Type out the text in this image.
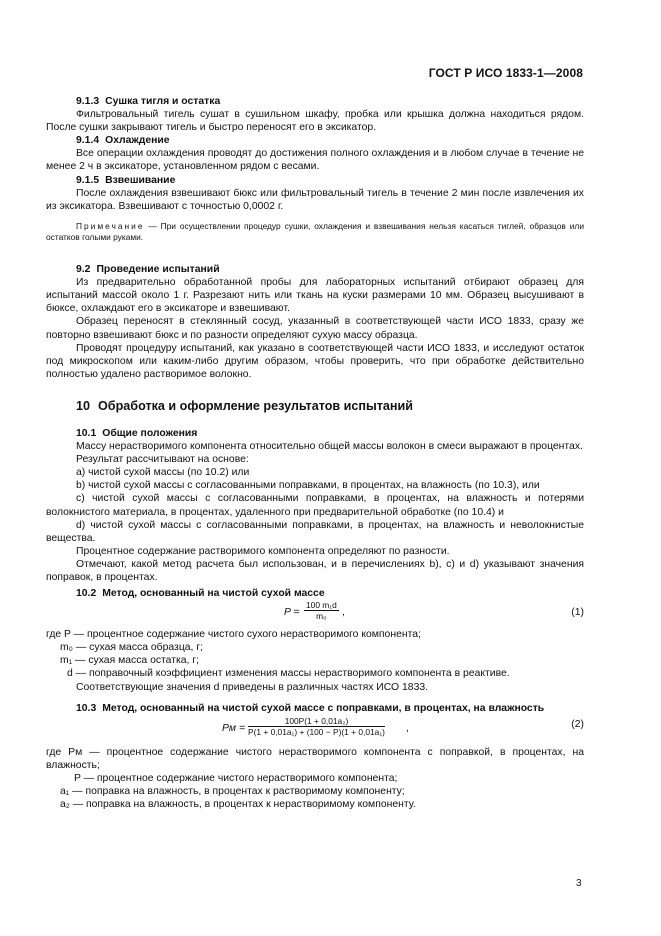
ГОСТ Р ИСО 1833-1—2008

9.1.3 Сушка тигля и остатка

Фильтровальный тигель сушат в сушильном шкафу, пробка или крышка должна находиться рядом. После сушки закрывают тигель и быстро переносят его в эксикатор.

9.1.4 Охлаждение

Все операции охлаждения проводят до достижения полного охлаждения и в любом случае в течение не менее 2 ч в эксикаторе, установленном рядом с весами.

9.1.5 Взвешивание

После охлаждения взвешивают бюкс или фильтровальный тигель в течение 2 мин после извлечения их из эксикатора. Взвешивают с точностью 0,0002 г.

Примечание — При осуществлении процедур сушки, охлаждения и взвешивания нельзя касаться тиглей, образцов или остатков голыми руками.

9.2 Проведение испытаний

Из предварительно обработанной пробы для лабораторных испытаний отбирают образец для испытаний массой около 1 г. Разрезают нить или ткань на куски размерами 10 мм. Образец высушивают в бюксе, охлаждают его в эксикаторе и взвешивают.

Образец переносят в стеклянный сосуд, указанный в соответствующей части ИСО 1833, сразу же повторно взвешивают бюкс и по разности определяют сухую массу образца.

Проводят процедуру испытаний, как указано в соответствующей части ИСО 1833, и исследуют остаток под микроскопом или каким-либо другим образом, чтобы проверить, что при обработке действительно полностью удалено растворимое волокно.

10 Обработка и оформление результатов испытаний

10.1 Общие положения

Массу нерастворимого компонента относительно общей массы волокон в смеси выражают в процентах.

Результат рассчитывают на основе:

а) чистой сухой массы (по 10.2) или

b) чистой сухой массы с согласованными поправками, в процентах, на влажность (по 10.3), или

с) чистой сухой массы с согласованными поправками, в процентах, на влажность и потерями волокнистого материала, в процентах, удаленного при предварительной обработке (по 10.4) и

d) чистой сухой массы с согласованными поправками, в процентах, на влажность и неволокнистые вещества.

Процентное содержание растворимого компонента определяют по разности.

Отмечают, какой метод расчета был использован, и в перечислениях b), c) и d) указывают значения поправок, в процентах.

10.2 Метод, основанный на чистой сухой массе

$P = \frac{\text{100 m₁d}}{\text{m₀}}$ ,	(1)

где P — процентное содержание чистого сухого нерастворимого компонента;

m₀ — сухая масса образца, г;

m₁ — сухая масса остатка, г;

d — поправочный коэффициент изменения массы нерастворимого компонента в реактиве.

Соответствующие значения d приведены в различных частях ИСО 1833.

10.3 Метод, основанный на чистой сухой массе с поправками, в процентах, на влажность

Pм = $\frac{\text{100P(1 + 0,01a₂)}}{\text{P(1 + 0,01a₁) + (100 − P)(1 + 0,01a₁)}}$ ,	(2)

где Pм — процентное содержание чистого нерастворимого компонента с поправкой, в процентах, на влажность;

P — процентное содержание чистого нерастворимого компонента;

a₁ — поправка на влажность, в процентах к растворимому компоненту;

a₂ — поправка на влажность, в процентах к нерастворимому компоненту.

3
